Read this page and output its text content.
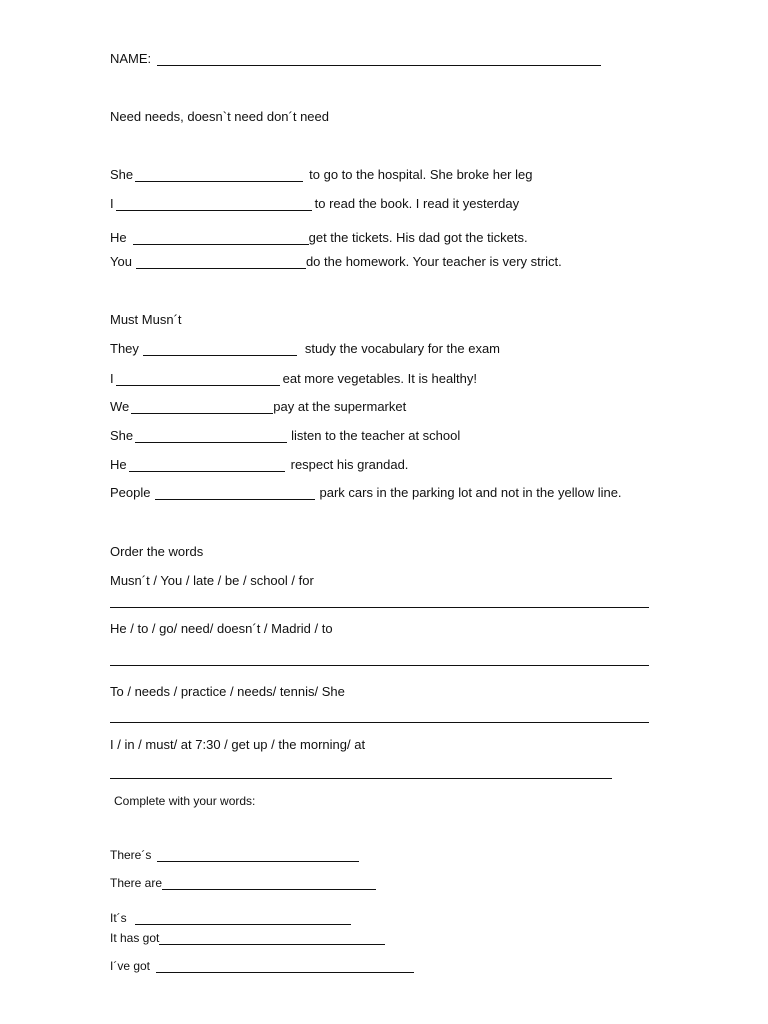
NAME:
Need needs, doesn`t need don´t need
She	to go to the hospital. She broke her leg
I	to read the book. I read it yesterday
He	get the tickets. His dad got the tickets.
You	do the homework. Your teacher is very strict.
Must Musn´t
They	study the vocabulary for the exam
I	eat more vegetables. It is healthy!
We	pay at the supermarket
She	listen to the teacher at school
He	respect his grandad.
People	park cars in the parking lot and not in the yellow line.
Order the words
Musn´t / You / late / be / school / for
He / to / go/ need/ doesn´t / Madrid / to
To / needs / practice / needs/ tennis/ She
I / in / must/ at 7:30 / get up / the morning/ at
Complete with your words:
There´s
There are
It´s
It has got
I´ve got
